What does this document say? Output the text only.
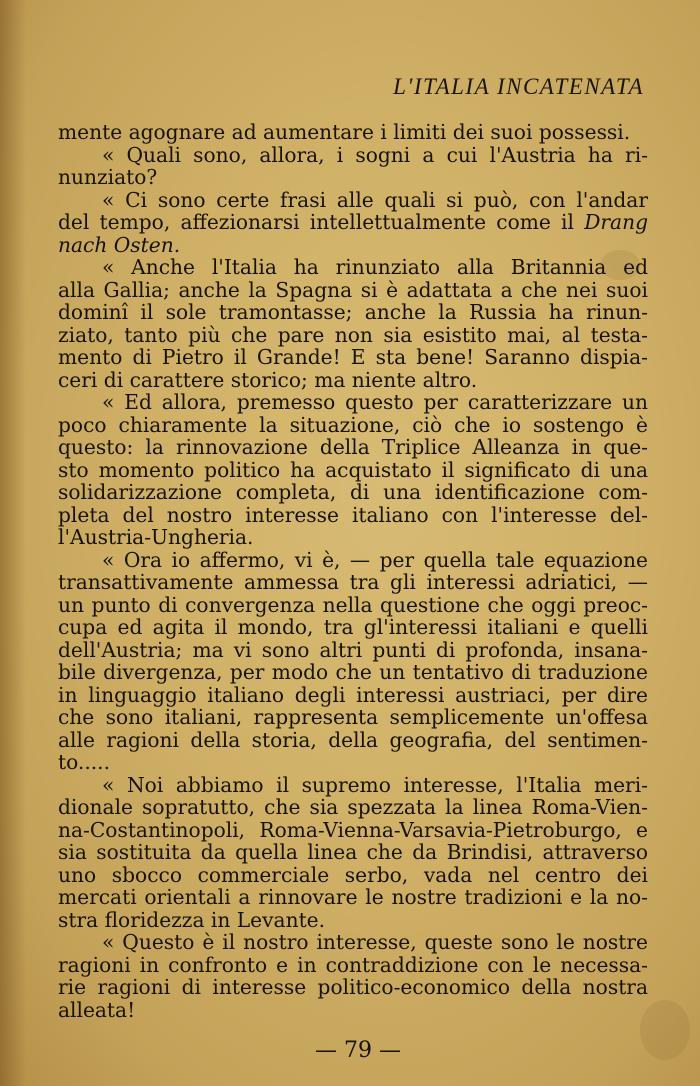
L'ITALIA INCATENATA
mente agognare ad aumentare i limiti dei suoi possessi.
« Quali sono, allora, i sogni a cui l'Austria ha ri-
nunziato?
« Ci sono certe frasi alle quali si può, con l'andar
del tempo, affezionarsi intellettualmente come il Drang
nach Osten.
« Anche l'Italia ha rinunziato alla Britannia ed
alla Gallia; anche la Spagna si è adattata a che nei suoi
dominî il sole tramontasse; anche la Russia ha rinun-
ziato, tanto più che pare non sia esistito mai, al testa-
mento di Pietro il Grande! E sta bene! Saranno dispia-
ceri di carattere storico; ma niente altro.
« Ed allora, premesso questo per caratterizzare un
poco chiaramente la situazione, ciò che io sostengo è
questo: la rinnovazione della Triplice Alleanza in que-
sto momento politico ha acquistato il significato di una
solidarizzazione completa, di una identificazione com-
pleta del nostro interesse italiano con l'interesse del-
l'Austria-Ungheria.
« Ora io affermo, vi è, — per quella tale equazione
transattivamente ammessa tra gli interessi adriatici, —
un punto di convergenza nella questione che oggi preoc-
cupa ed agita il mondo, tra gl'interessi italiani e quelli
dell'Austria; ma vi sono altri punti di profonda, insana-
bile divergenza, per modo che un tentativo di traduzione
in linguaggio italiano degli interessi austriaci, per dire
che sono italiani, rappresenta semplicemente un'offesa
alle ragioni della storia, della geografia, del sentimen-
to.....
« Noi abbiamo il supremo interesse, l'Italia meri-
dionale sopratutto, che sia spezzata la linea Roma-Vien-
na-Costantinopoli, Roma-Vienna-Varsavia-Pietroburgo, e
sia sostituita da quella linea che da Brindisi, attraverso
uno sbocco commerciale serbo, vada nel centro dei
mercati orientali a rinnovare le nostre tradizioni e la no-
stra floridezza in Levante.
« Questo è il nostro interesse, queste sono le nostre
ragioni in confronto e in contraddizione con le necessa-
rie ragioni di interesse politico-economico della nostra
alleata!
— 79 —
